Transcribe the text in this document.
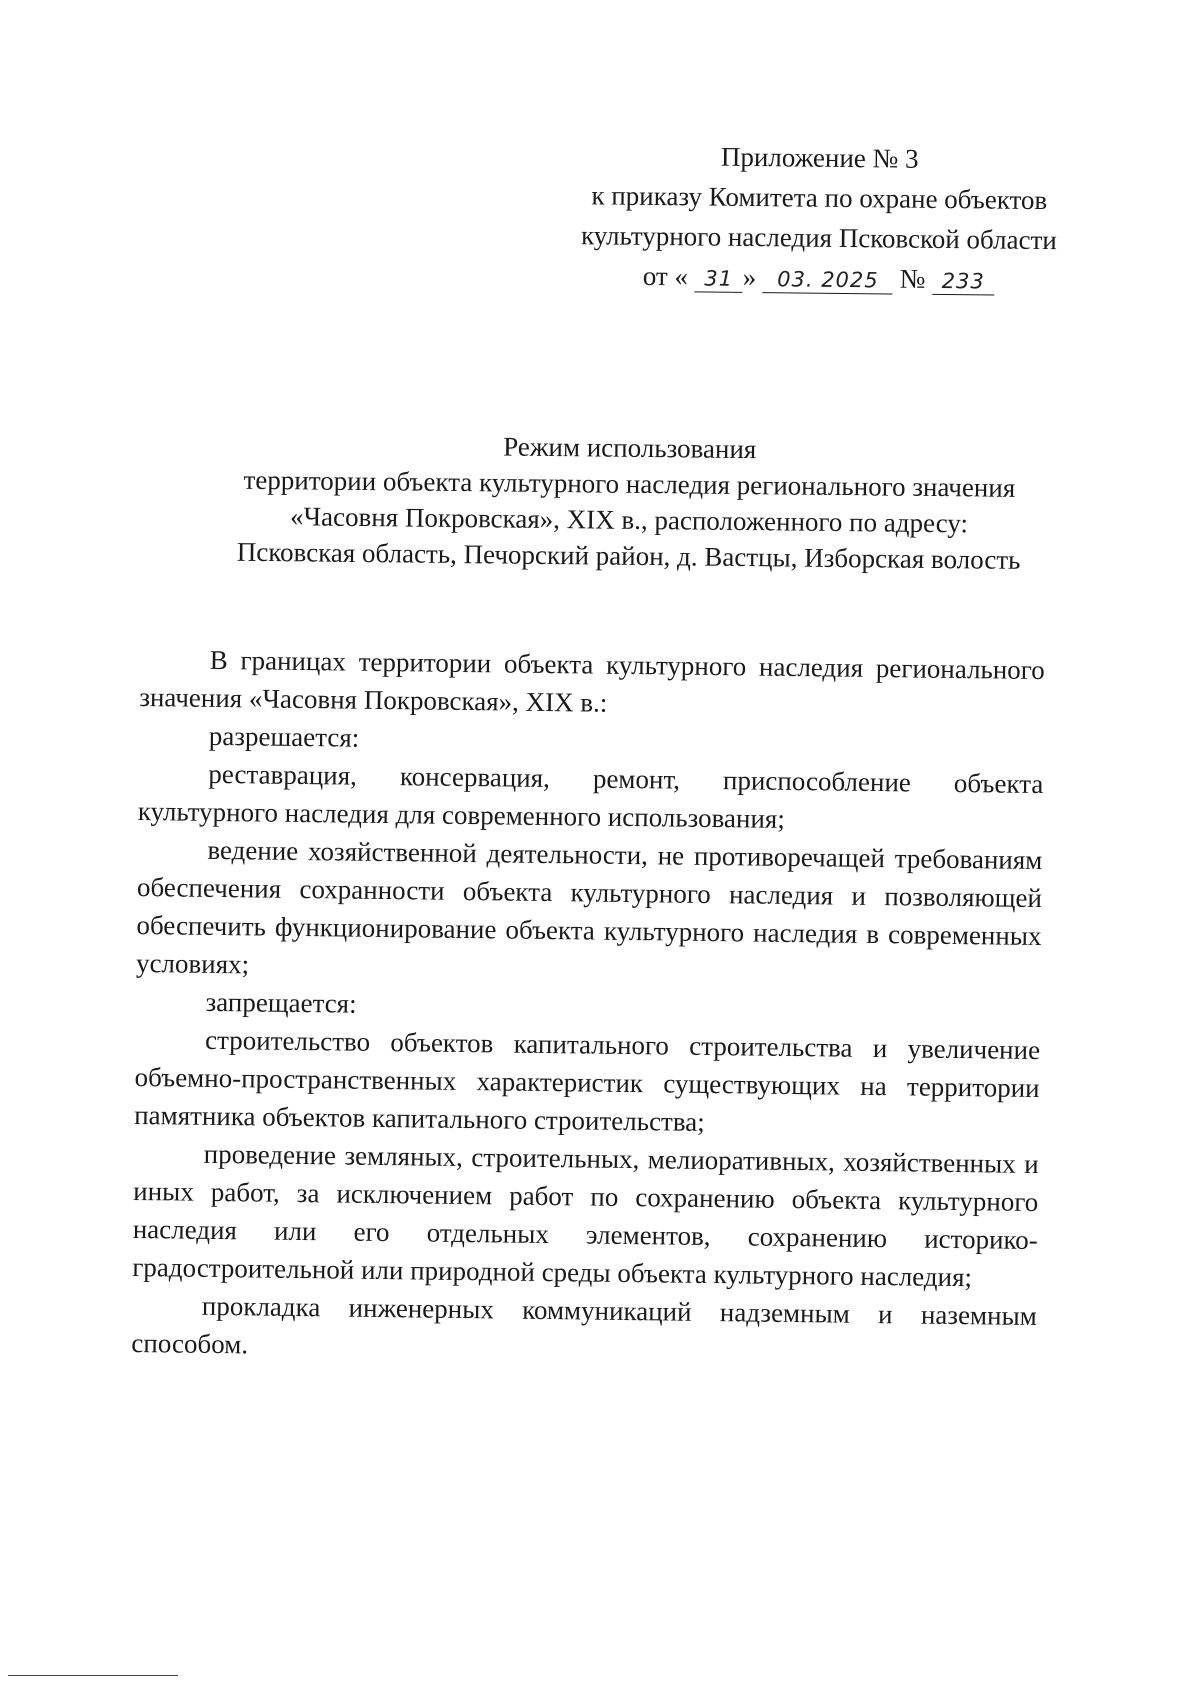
Приложение № 3
к приказу Комитета по охране объектов
культурного наследия Псковской области
от « 31 » 03. 2025 № 233
Режим использования
территории объекта культурного наследия регионального значения
«Часовня Покровская», XIX в., расположенного по адресу:
Псковская область, Печорский район, д. Вастцы, Изборская волость

В границах территории объекта культурного наследия регионального значения «Часовня Покровская», XIX в.:

разрешается:

реставрация, консервация, ремонт, приспособление объекта культурного наследия для современного использования;

ведение хозяйственной деятельности, не противоречащей требованиям обеспечения сохранности объекта культурного наследия и позволяющей обеспечить функционирование объекта культурного наследия в современных условиях;

запрещается:

строительство объектов капитального строительства и увеличение объемно-пространственных характеристик существующих на территории памятника объектов капитального строительства;

проведение земляных, строительных, мелиоративных, хозяйственных и иных работ, за исключением работ по сохранению объекта культурного наследия или его отдельных элементов, сохранению историко-градостроительной или природной среды объекта культурного наследия;

прокладка инженерных коммуникаций надземным и наземным способом.
